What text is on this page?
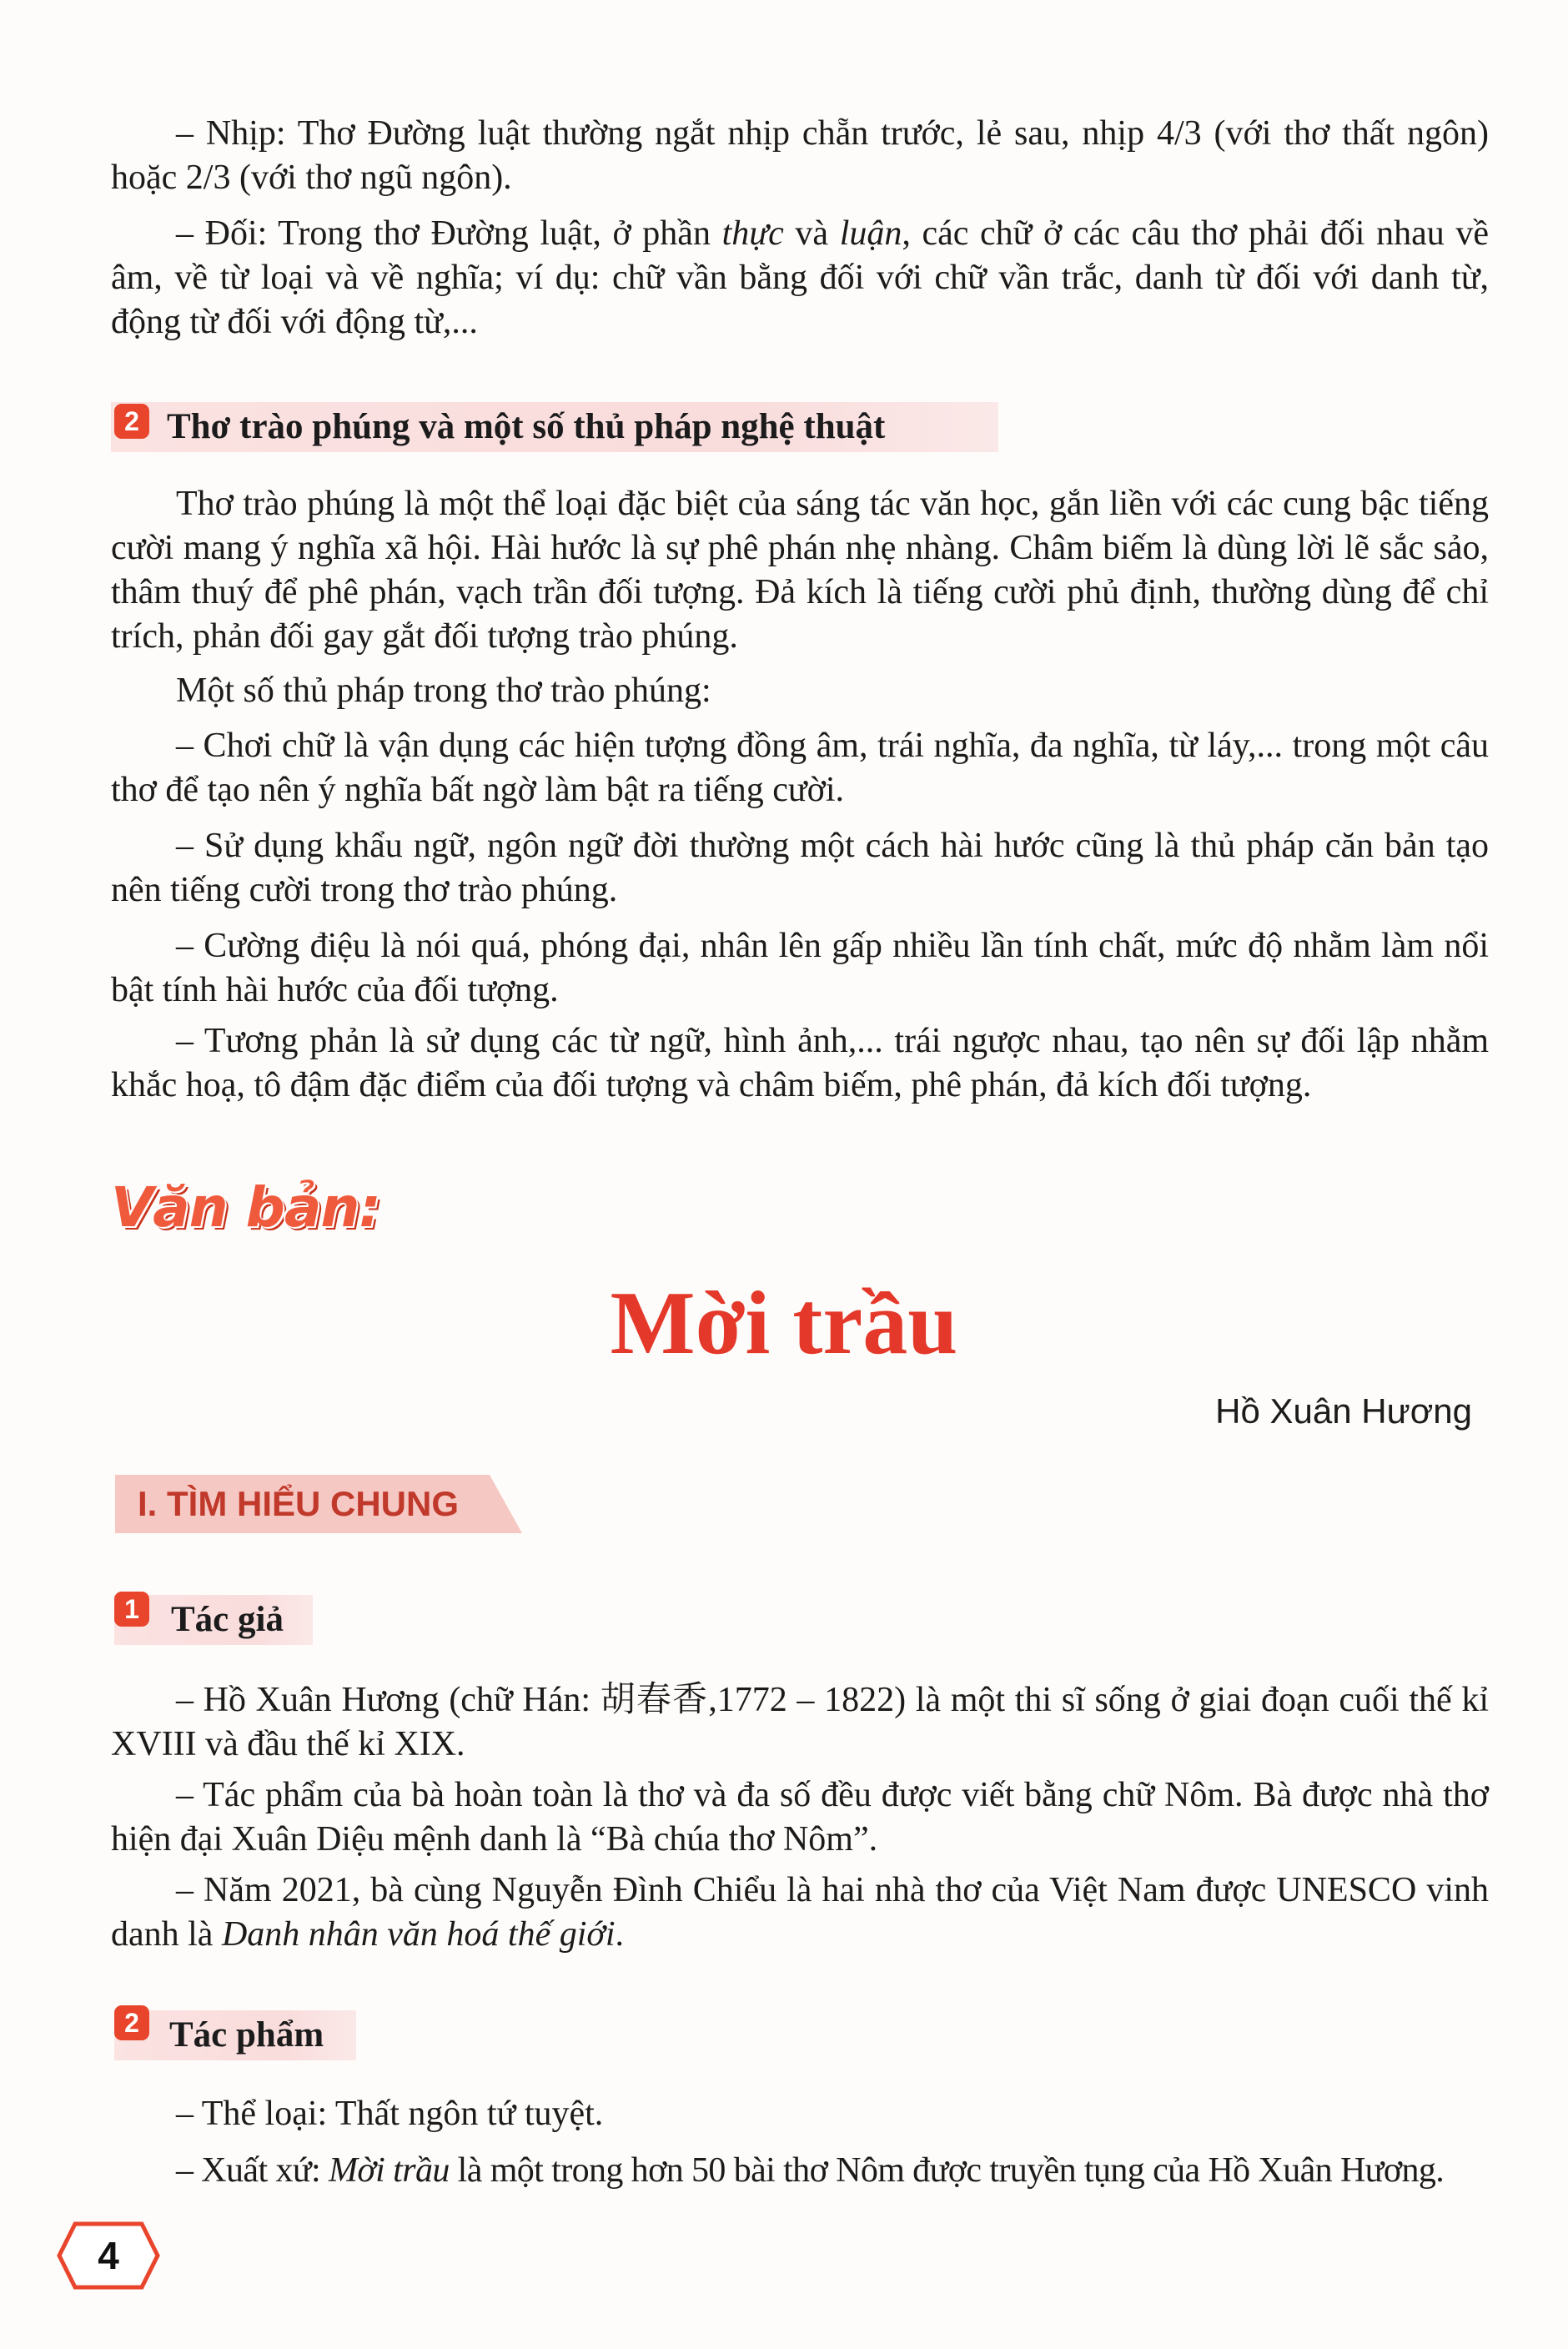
– Nhịp: Thơ Đường luật thường ngắt nhịp chẵn trước, lẻ sau, nhịp 4/3 (với thơ thất ngôn) hoặc 2/3 (với thơ ngũ ngôn).

– Đối: Trong thơ Đường luật, ở phần thực và luận, các chữ ở các câu thơ phải đối nhau về âm, về từ loại và về nghĩa; ví dụ: chữ vần bằng đối với chữ vần trắc, danh từ đối với danh từ, động từ đối với động từ,...

2 Thơ trào phúng và một số thủ pháp nghệ thuật

Thơ trào phúng là một thể loại đặc biệt của sáng tác văn học, gắn liền với các cung bậc tiếng cười mang ý nghĩa xã hội. Hài hước là sự phê phán nhẹ nhàng. Châm biếm là dùng lời lẽ sắc sảo, thâm thuý để phê phán, vạch trần đối tượng. Đả kích là tiếng cười phủ định, thường dùng để chỉ trích, phản đối gay gắt đối tượng trào phúng.

Một số thủ pháp trong thơ trào phúng:

– Chơi chữ là vận dụng các hiện tượng đồng âm, trái nghĩa, đa nghĩa, từ láy,... trong một câu thơ để tạo nên ý nghĩa bất ngờ làm bật ra tiếng cười.

– Sử dụng khẩu ngữ, ngôn ngữ đời thường một cách hài hước cũng là thủ pháp căn bản tạo nên tiếng cười trong thơ trào phúng.

– Cường điệu là nói quá, phóng đại, nhân lên gấp nhiều lần tính chất, mức độ nhằm làm nổi bật tính hài hước của đối tượng.

– Tương phản là sử dụng các từ ngữ, hình ảnh,... trái ngược nhau, tạo nên sự đối lập nhằm khắc hoạ, tô đậm đặc điểm của đối tượng và châm biếm, phê phán, đả kích đối tượng.

Văn bản:
Mời trầu
Hồ Xuân Hương
I. TÌM HIỂU CHUNG
1 Tác giả

– Hồ Xuân Hương (chữ Hán: 胡春香,1772 – 1822) là một thi sĩ sống ở giai đoạn cuối thế kỉ XVIII và đầu thế kỉ XIX.

– Tác phẩm của bà hoàn toàn là thơ và đa số đều được viết bằng chữ Nôm. Bà được nhà thơ hiện đại Xuân Diệu mệnh danh là “Bà chúa thơ Nôm”.

– Năm 2021, bà cùng Nguyễn Đình Chiểu là hai nhà thơ của Việt Nam được UNESCO vinh danh là Danh nhân văn hoá thế giới.

2 Tác phẩm

– Thể loại: Thất ngôn tứ tuyệt.

– Xuất xứ: Mời trầu là một trong hơn 50 bài thơ Nôm được truyền tụng của Hồ Xuân Hương.

4
